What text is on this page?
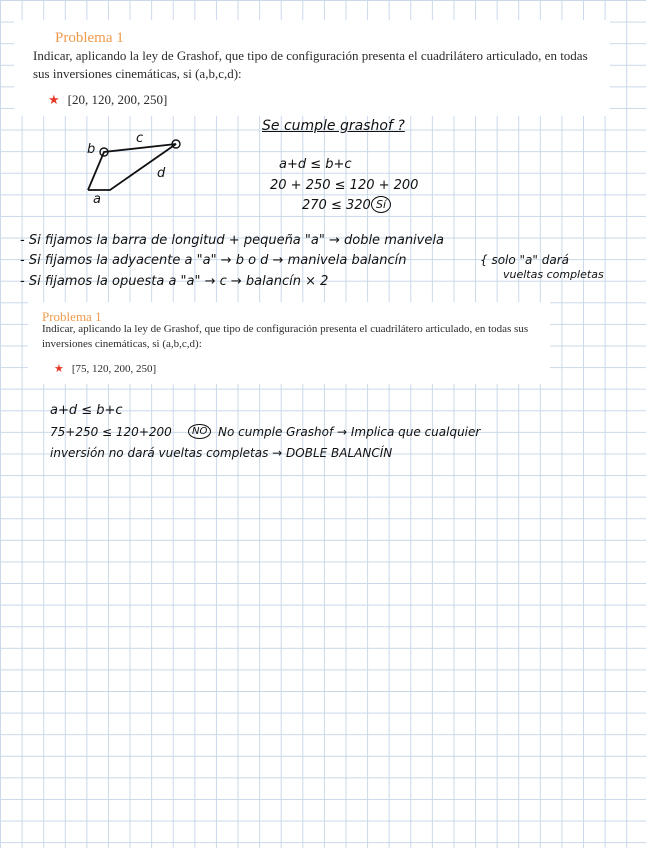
Problema 1
Indicar, aplicando la ley de Grashof, que tipo de configuración presenta el cuadrilátero articulado, en todas sus inversiones cinemáticas, si (a,b,c,d):
★ [20, 120, 200, 250]
b
c
d
a
Se cumple grashof ?
a+d ≤ b+c
20 + 250 ≤ 120 + 200
270 ≤ 320 Sí
- Si fijamos la barra de longitud + pequeña "a" → doble manivela
- Si fijamos la adyacente a "a" → b o d → manivela balancín	{ solo "a" dará
vueltas completas
- Si fijamos la opuesta a "a" → c → balancín × 2
Problema 1
Indicar, aplicando la ley de Grashof, que tipo de configuración presenta el cuadrilátero articulado, en todas sus inversiones cinemáticas, si (a,b,c,d):
★ [75, 120, 200, 250]
a+d ≤ b+c
75+250 ≤ 120+200	NO No cumple Grashof → Implica que cualquier
inversión no dará vueltas completas → DOBLE BALANCÍN
